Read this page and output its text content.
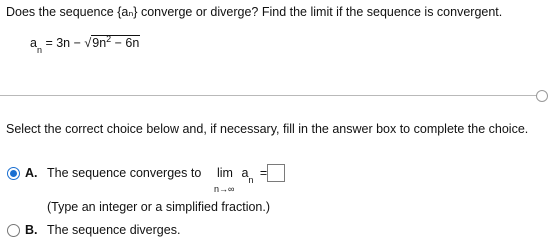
Does the sequence {aₙ} converge or diverge? Find the limit if the sequence is convergent.
$a_n = 3n - √9n^2 - 6n$
Select the correct choice below and, if necessary, fill in the answer box to complete the choice.
A. The sequence converges to $\lim a_n$ =
n→∞
(Type an integer or a simplified fraction.)
B. The sequence diverges.
